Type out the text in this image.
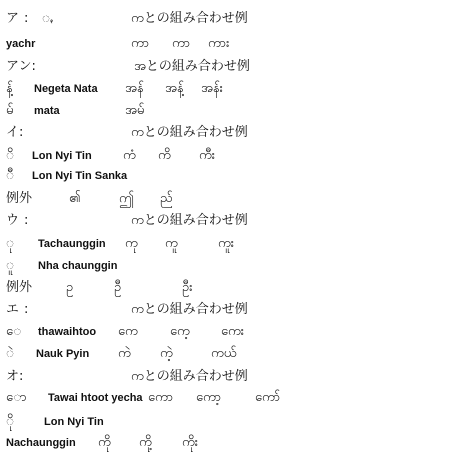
ア : ꩻ	ကとの組み合わせ例
yachr	ကာ ကာ ကား
アン:	အとの組み合わせ例
န့် Negeta Nata အန် အန့် အန်း
မ် mata	အမ်
イ:	ကとの組み合わせ例
ိ Lon Nyi Tin ကံ ကိ ကီး
ီ Lon Nyi Tin Sanka
例外	၏	ဤ ည်
ウ :	ကとの組み合わせ例
ု Tachaunggin ကု ကူ	ကူး
ူ Nha chaunggin
例外	ဥ	ဦ	ဦး
エ :	ကとの組み合わせ例
ေ thawaihtoo ကေ ကေ့ ကေး
ဲ Nauk Pyin ကဲ ကဲ့	ကယ်
オ:	ကとの組み合わせ例
ော Tawai htoot yecha ကော ကော့	ကော်
ို	Lon Nyi Tin
Nachaunggin ကို ကို့ ကိုး
